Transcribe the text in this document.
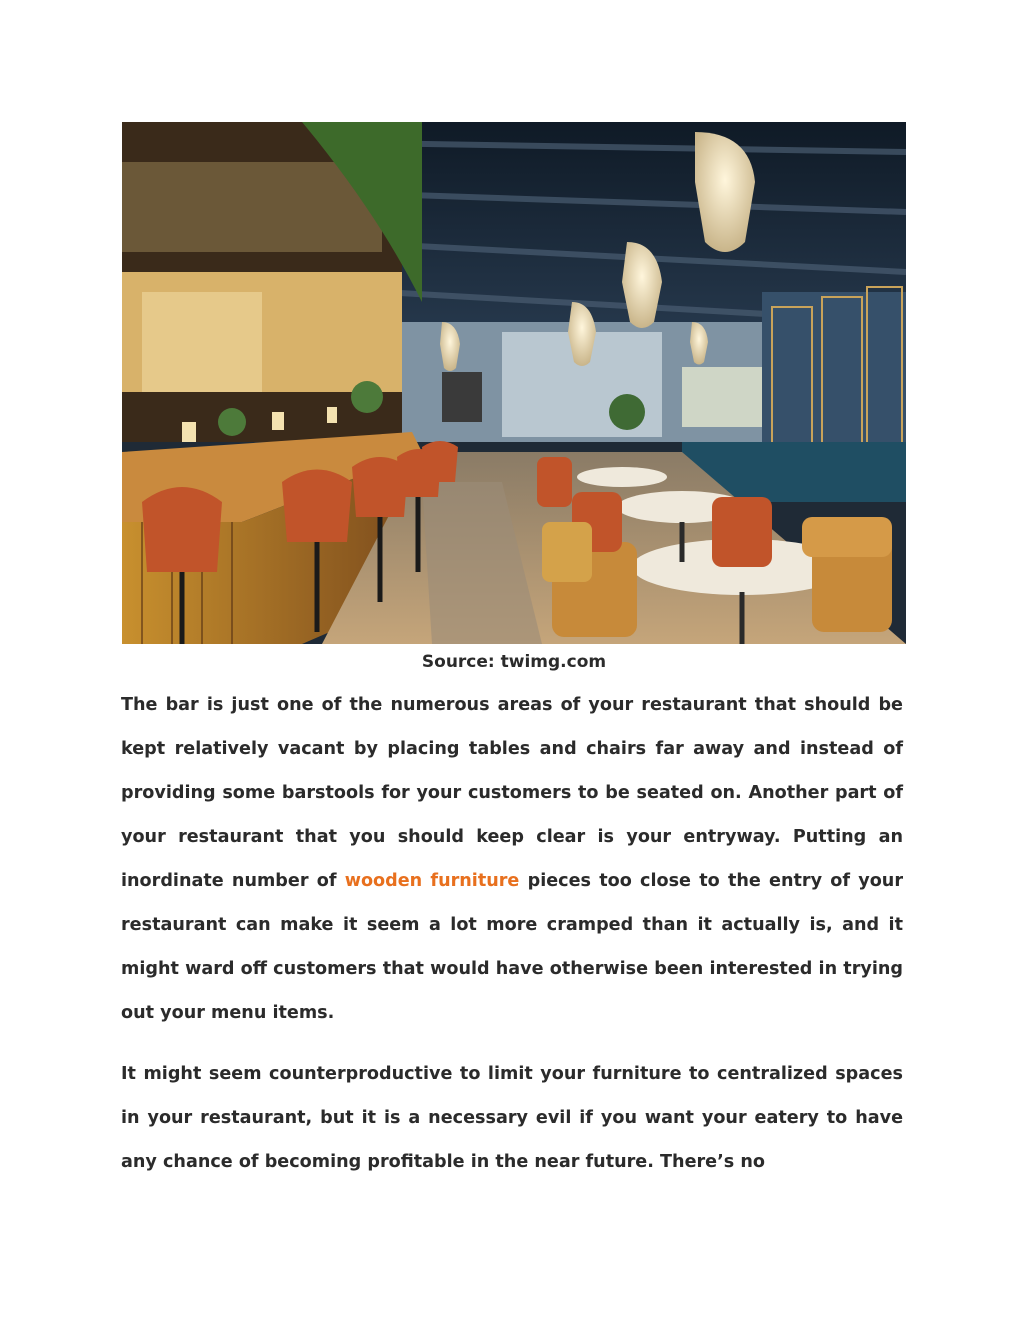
Source: twimg.com

The bar is just one of the numerous areas of your restaurant that should be kept relatively vacant by placing tables and chairs far away and instead of providing some barstools for your customers to be seated on. Another part of your restaurant that you should keep clear is your entryway. Putting an inordinate number of wooden furniture pieces too close to the entry of your restaurant can make it seem a lot more cramped than it actually is, and it might ward off customers that would have otherwise been interested in trying out your menu items.

It might seem counterproductive to limit your furniture to centralized spaces in your restaurant, but it is a necessary evil if you want your eatery to have any chance of becoming profitable in the near future. There’s no
